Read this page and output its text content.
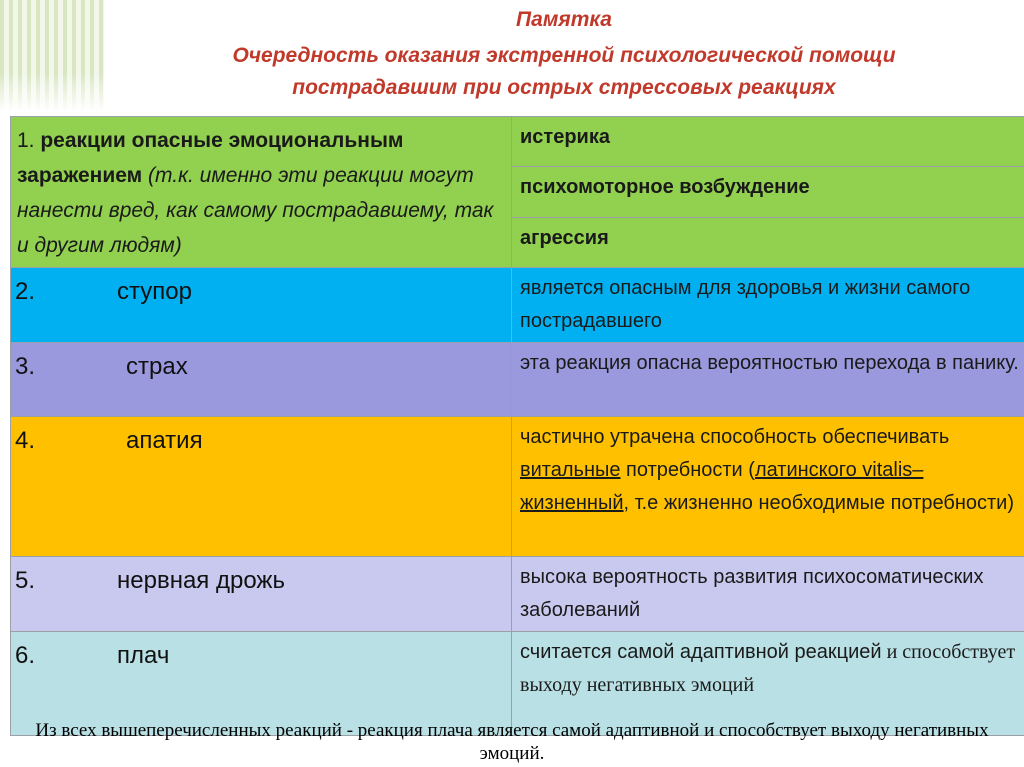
Памятка
Очередность оказания экстренной психологической помощи
пострадавшим при острых стрессовых реакциях
1. реакции опасные эмоциональным заражением (т.к. именно эти реакции могут нанести вред, как самому пострадавшему, так и другим людям)	истерика
	психомоторное возбуждение
	агрессия

2. ступор	является опасным для здоровья и жизни самого пострадавшего

3. страх	эта реакция опасна вероятностью перехода в панику.

4. апатия	частично утрачена способность обеспечивать витальные потребности (латинского vitalis– жизненный, т.е жизненно необходимые потребности)

5. нервная дрожь	высока вероятность развития психосоматических заболеваний

6. плач	считается самой адаптивной реакцией и способствует выходу негативных эмоций
Из всех вышеперечисленных реакций - реакция плача является самой адаптивной и способствует выходу негативных эмоций.
